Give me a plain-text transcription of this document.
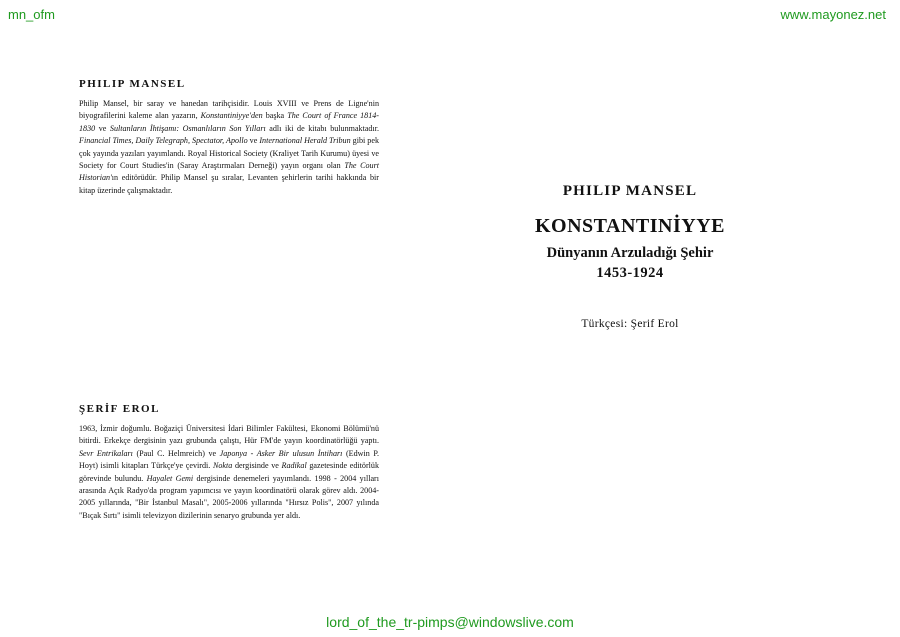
mn_ofm	www.mayonez.net
PHILIP MANSEL

Philip Mansel, bir saray ve hanedan tarihçisidir. Louis XVIII ve Prens de Ligne'nin biyografilerini kaleme alan yazarın, Konstantiniyye'den başka The Court of France 1814-1830 ve Sultanların İhtişamı: Osmanlıların Son Yılları adlı iki de kitabı bulunmaktadır. Financial Times, Daily Telegraph, Spectator, Apollo ve International Herald Tribun gibi pek çok yayında yazıları yayımlandı. Royal Historical Society (Kraliyet Tarih Kurumu) üyesi ve Society for Court Studies'in (Saray Araştırmaları Derneği) yayın organı olan The Court Historian'ın editörüdür. Philip Mansel şu sıralar, Levanten şehirlerin tarihi hakkında bir kitap üzerinde çalışmaktadır.

ŞERİF EROL

1963, İzmir doğumlu. Boğaziçi Üniversitesi İdari Bilimler Fakültesi, Ekonomi Bölümü'nü bitirdi. Erkekçe dergisinin yazı grubunda çalıştı, Hür FM'de yayın koordinatörlüğü yaptı. Sevr Entrikaları (Paul C. Helmreich) ve Japonya - Asker Bir ulusun İntiharı (Edwin P. Hoyt) isimli kitapları Türkçe'ye çevirdi. Nokta dergisinde ve Radikal gazetesinde editörlük görevinde bulundu. Hayalet Gemi dergisinde denemeleri yayımlandı. 1998 - 2004 yılları arasında Açık Radyo'da program yapımcısı ve yayın koordinatörü olarak görev aldı. 2004-2005 yıllarında, "Bir İstanbul Masalı", 2005-2006 yıllarında "Hırsız Polis", 2007 yılında "Bıçak Sırtı" isimli televizyon dizilerinin senaryo grubunda yer aldı.

PHILIP MANSEL
KONSTANTINİYYE
Dünyanın Arzuladığı Şehir
1453-1924
Türkçesi: Şerif Erol
lord_of_the_tr-pimps@windowslive.com
